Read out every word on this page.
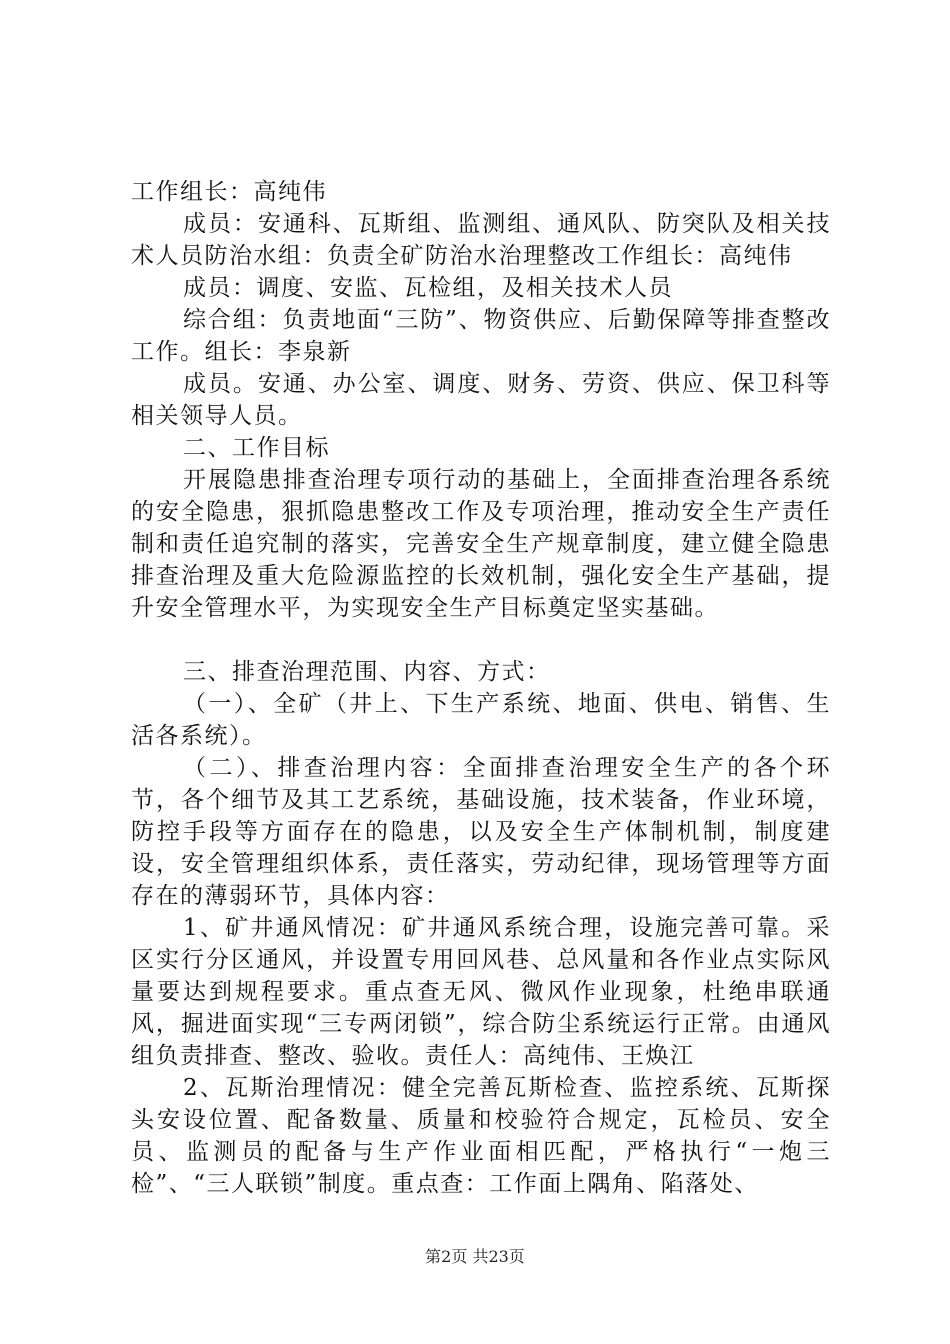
工作组长：高纯伟

成员：安通科、瓦斯组、监测组、通风队、防突队及相关技术人员防治水组：负责全矿防治水治理整改工作组长：高纯伟

成员：调度、安监、瓦检组，及相关技术人员

综合组：负责地面“三防”、物资供应、后勤保障等排查整改工作。组长：李泉新

成员。安通、办公室、调度、财务、劳资、供应、保卫科等相关领导人员。

二、工作目标

开展隐患排查治理专项行动的基础上，全面排查治理各系统的安全隐患，狠抓隐患整改工作及专项治理，推动安全生产责任制和责任追究制的落实，完善安全生产规章制度，建立健全隐患排查治理及重大危险源监控的长效机制，强化安全生产基础，提升安全管理水平，为实现安全生产目标奠定坚实基础。

三、排查治理范围、内容、方式：

（一）、全矿（井上、下生产系统、地面、供电、销售、生活各系统）。

（二）、排查治理内容：全面排查治理安全生产的各个环节，各个细节及其工艺系统，基础设施，技术装备，作业环境，防控手段等方面存在的隐患，以及安全生产体制机制，制度建设，安全管理组织体系，责任落实，劳动纪律，现场管理等方面存在的薄弱环节，具体内容：

1、矿井通风情况：矿井通风系统合理，设施完善可靠。采区实行分区通风，并设置专用回风巷、总风量和各作业点实际风量要达到规程要求。重点查无风、微风作业现象，杜绝串联通风，掘进面实现“三专两闭锁”，综合防尘系统运行正常。由通风组负责排查、整改、验收。责任人：高纯伟、王焕江

2、瓦斯治理情况：健全完善瓦斯检查、监控系统、瓦斯探头安设位置、配备数量、质量和校验符合规定，瓦检员、安全员、监测员的配备与生产作业面相匹配，严格执行“一炮三检”、“三人联锁”制度。重点查：工作面上隅角、陷落处、

第2页 共23页
